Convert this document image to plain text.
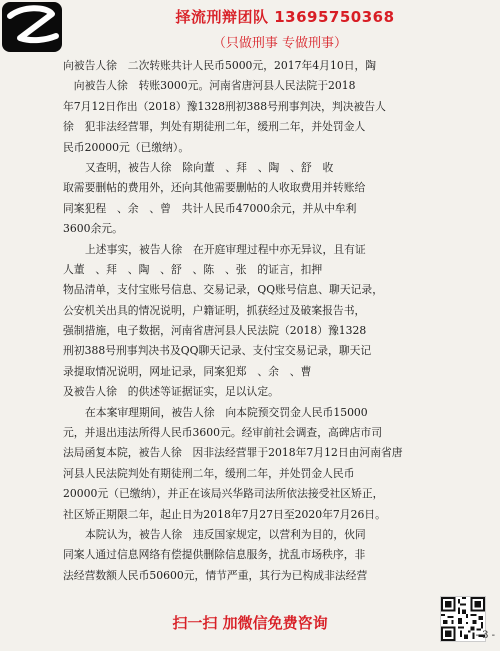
择流刑辩团队 13695750368
（只做刑事 专做刑事）
向被告人徐　二次转账共计人民币5000元，2017年4月10日，陶
　向被告人徐　转账3000元。河南省唐河县人民法院于2018
年7月12日作出（2018）豫1328刑初388号刑事判决，判决被告人
徐　犯非法经营罪，判处有期徒刑二年，缓刑二年，并处罚金人
民币20000元（已缴纳）。
又查明，被告人徐　除向董　、拜　、陶　、舒　收
取需要删帖的费用外，还向其他需要删帖的人收取费用并转账给
同案犯程　、余　、曾　共计人民币47000余元，并从中牟利
3600余元。
上述事实，被告人徐　在开庭审理过程中亦无异议，且有证
人董　、拜　、陶　、舒　、陈　、张　的证言，扣押
物品清单，支付宝账号信息、交易记录，QQ账号信息、聊天记录，
公安机关出具的情况说明，户籍证明，抓获经过及破案报告书，
强制措施，电子数据，河南省唐河县人民法院（2018）豫1328
刑初388号刑事判决书及QQ聊天记录、支付宝交易记录，聊天记
录提取情况说明，网址记录，同案犯郑　、余　、曹
及被告人徐　的供述等证据证实，足以认定。
在本案审理期间，被告人徐　向本院预交罚金人民币15000
元，并退出违法所得人民币3600元。经审前社会调查，高碑店市司
法局函复本院，被告人徐　因非法经营罪于2018年7月12日由河南省唐
河县人民法院判处有期徒刑二年，缓刑二年，并处罚金人民币
20000元（已缴纳），并正在该局兴华路司法所依法接受社区矫正，
社区矫正期限二年，起止日为2018年7月27日至2020年7月26日。
本院认为，被告人徐　违反国家规定，以营利为目的，伙同
同案人通过信息网络有偿提供删除信息服务，扰乱市场秩序，非
法经营数额人民币50600元，情节严重，其行为已构成非法经营
扫一扫 加微信免费咨询
- 3 -
